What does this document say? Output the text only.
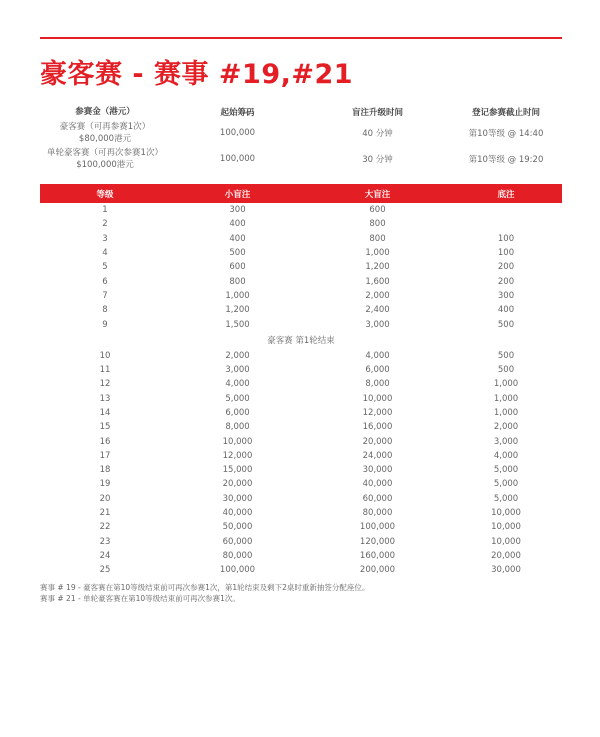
豪客赛 - 赛事 #19,#21
参赛金（港元）	起始筹码	盲注升级时间	登记参赛截止时间
豪客赛（可再参赛1次）
$80,000港元
100,000	40 分钟	第10等级 @ 14:40
单轮豪客赛（可再次参赛1次）
$100,000港元
100,000	30 分钟	第10等级 @ 19:20
等级	小盲注	大盲注	底注
1	300	600	
2	400	800	
3	400	800	100
4	500	1,000	100
5	600	1,200	200
6	800	1,600	200
7	1,000	2,000	300
8	1,200	2,400	400
9	1,500	3,000	500
豪客赛 第1轮结束			
10	2,000	4,000	500
11	3,000	6,000	500
12	4,000	8,000	1,000
13	5,000	10,000	1,000
14	6,000	12,000	1,000
15	8,000	16,000	2,000
16	10,000	20,000	3,000
17	12,000	24,000	4,000
18	15,000	30,000	5,000
19	20,000	40,000	5,000
20	30,000	60,000	5,000
21	40,000	80,000	10,000
22	50,000	100,000	10,000
23	60,000	120,000	10,000
24	80,000	160,000	20,000
25	100,000	200,000	30,000
赛事 # 19 - 豪客赛在第10等级结束前可再次参赛1次，第1轮结束及剩下2桌时重新抽签分配座位。
赛事 # 21 - 单轮豪客赛在第10等级结束前可再次参赛1次。
